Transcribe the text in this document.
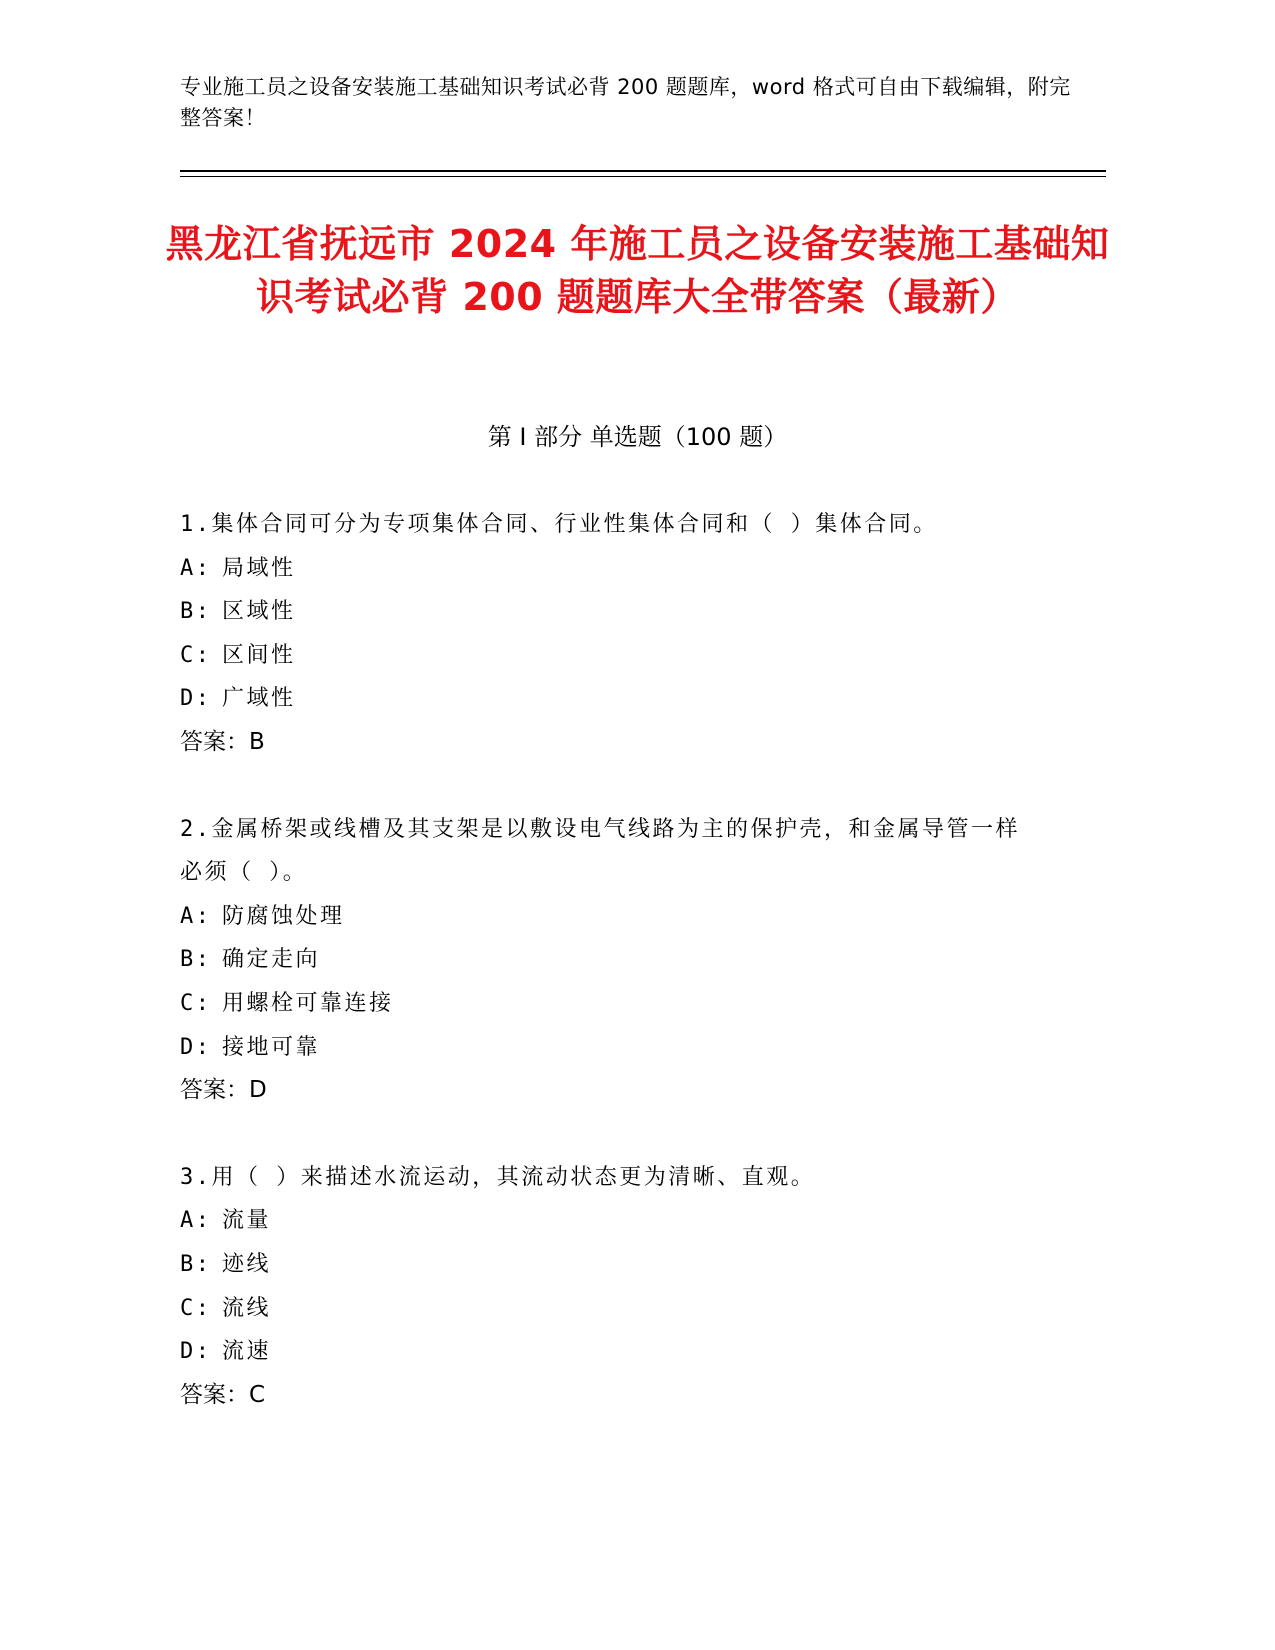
专业施工员之设备安装施工基础知识考试必背 200 题题库，word 格式可自由下载编辑，附完整答案！
黑龙江省抚远市 2024 年施工员之设备安装施工基础知识考试必背 200 题题库大全带答案（最新）
第 I 部分 单选题（100 题）
1.集体合同可分为专项集体合同、行业性集体合同和（ ）集体合同。
A: 局域性
B: 区域性
C: 区间性
D: 广域性
答案：B
2.金属桥架或线槽及其支架是以敷设电气线路为主的保护壳，和金属导管一样必须（ ）。
A: 防腐蚀处理
B: 确定走向
C: 用螺栓可靠连接
D: 接地可靠
答案：D
3.用（ ）来描述水流运动，其流动状态更为清晰、直观。
A: 流量
B: 迹线
C: 流线
D: 流速
答案：C
